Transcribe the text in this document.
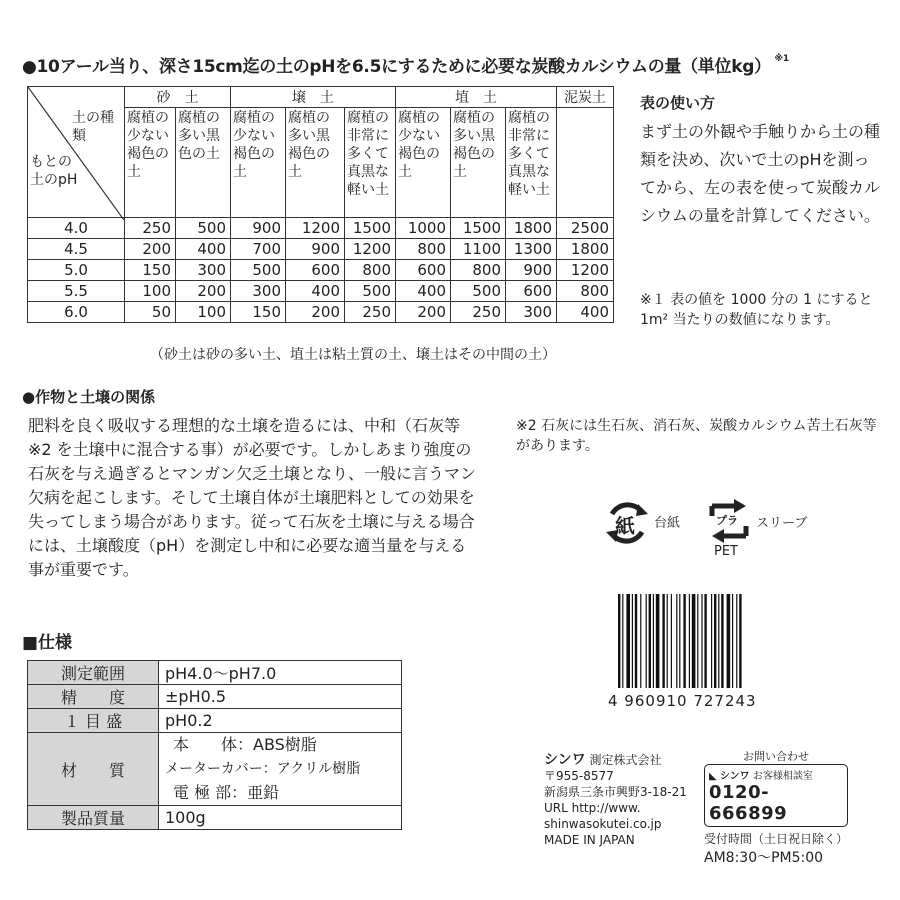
●10アール当り、深さ15cm迄の土のpHを6.5にするために必要な炭酸カルシウムの量（単位kg） $^{※1}$
土の種類
もとの土のpH	砂　土		壌　土			埴　土			泥炭土
	腐植の少ない褐色の土	腐植の多い黒色の土	腐植の少ない褐色の土	腐植の多い黒褐色の土	腐植の非常に多くて真黒な軽い土	腐植の少ない褐色の土	腐植の多い黒褐色の土	腐植の非常に多くて真黒な軽い土	
4.0	250	500	900	1200	1500	1000	1500	1800	2500
4.5	200	400	700	900	1200	800	1100	1300	1800
5.0	150	300	500	600	800	600	800	900	1200
5.5	100	200	300	400	500	400	500	600	800
6.0	50	100	150	200	250	200	250	300	400
（砂土は砂の多い土、埴土は粘土質の土、壌土はその中間の土）
表の使い方
まず土の外観や手触りから土の種類を決め、次いで土のpHを測ってから、左の表を使って炭酸カルシウムの量を計算してください。
※１ 表の値を 1000 分の 1 にすると 1m² 当たりの数値になります。
●作物と土壌の関係
肥料を良く吸収する理想的な土壌を造るには、中和（石灰等※2 を土壌中に混合する事）が必要です。しかしあまり強度の石灰を与え過ぎるとマンガン欠乏土壌となり、一般に言うマン欠病を起こします。そして土壌自体が土壌肥料としての効果を失ってしまう場合があります。従って石灰を土壌に与える場合には、土壌酸度（pH）を測定し中和に必要な適当量を与える事が重要です。
※2 石灰には生石灰、消石灰、炭酸カルシウム苦土石灰等があります。
紙 台紙	プラ スリーブ
PET
■仕様
測定範囲	pH4.0〜pH7.0
精　　度	±pH0.5
１ 目 盛	pH0.2
材　　質	本　　体：ABS樹脂
メーターカバー：アクリル樹脂
電 極 部：亜鉛

製品質量	100g
4 960910 727243
シンワ 測定株式会社
〒955-8577
新潟県三条市興野3-18-21
URL http://www.
shinwasokutei.co.jp
MADE IN JAPAN
お問い合わせ
◣ シンワ お客様相談室
0120-666899
受付時間（土日祝日除く）
AM8:30〜PM5:00
